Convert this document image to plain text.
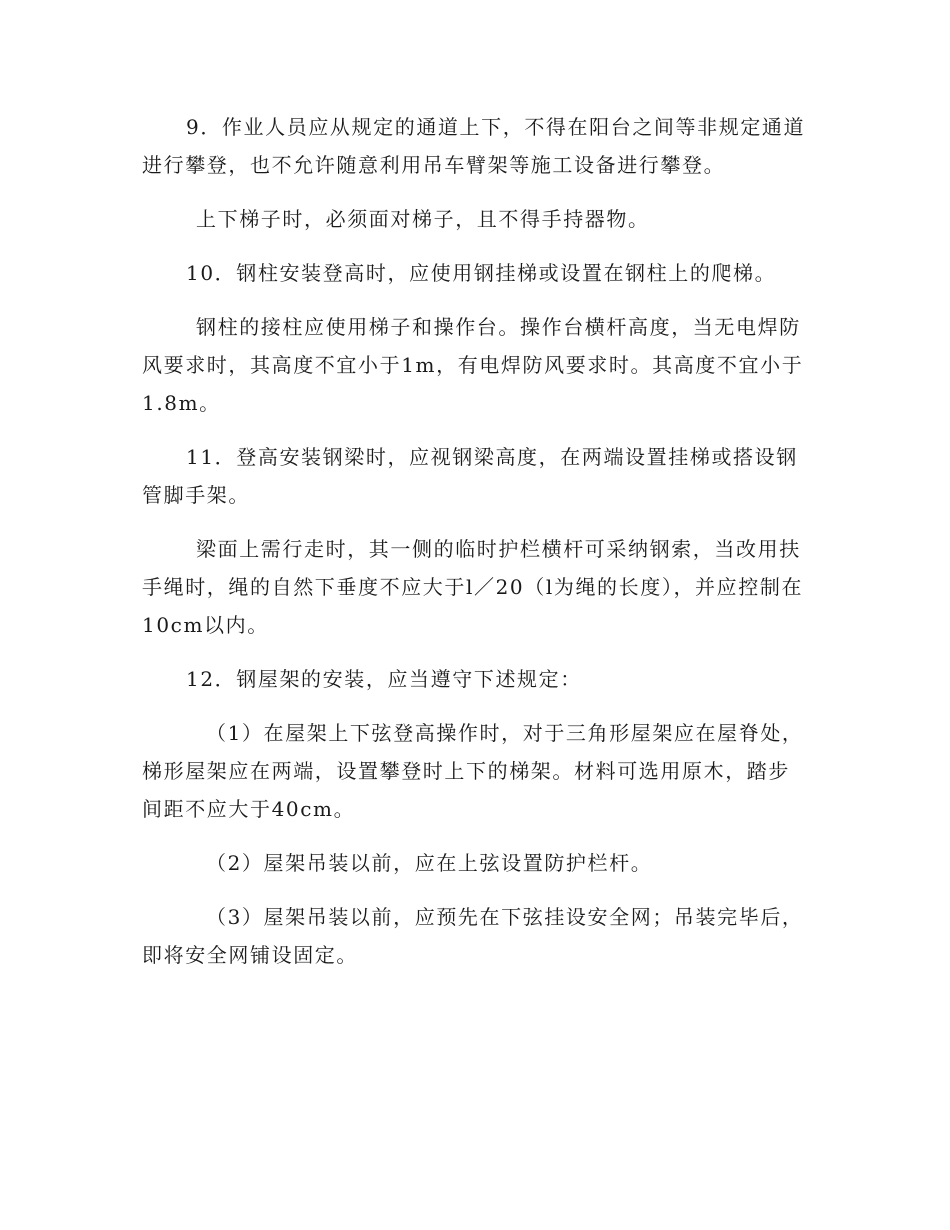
9．作业人员应从规定的通道上下，不得在阳台之间等非规定通道进行攀登，也不允许随意利用吊车臂架等施工设备进行攀登。

上下梯子时，必须面对梯子，且不得手持器物。

10．钢柱安装登高时，应使用钢挂梯或设置在钢柱上的爬梯。

钢柱的接柱应使用梯子和操作台。操作台横杆高度，当无电焊防风要求时，其高度不宜小于1m，有电焊防风要求时。其高度不宜小于1.8m。

11．登高安装钢梁时，应视钢梁高度，在两端设置挂梯或搭设钢管脚手架。

梁面上需行走时，其一侧的临时护栏横杆可采纳钢索，当改用扶手绳时，绳的自然下垂度不应大于l／20（l为绳的长度），并应控制在10cm以内。

12．钢屋架的安装，应当遵守下述规定：

（1）在屋架上下弦登高操作时，对于三角形屋架应在屋脊处，梯形屋架应在两端，设置攀登时上下的梯架。材料可选用原木，踏步间距不应大于40cm。

（2）屋架吊装以前，应在上弦设置防护栏杆。

（3）屋架吊装以前，应预先在下弦挂设安全网；吊装完毕后，即将安全网铺设固定。
